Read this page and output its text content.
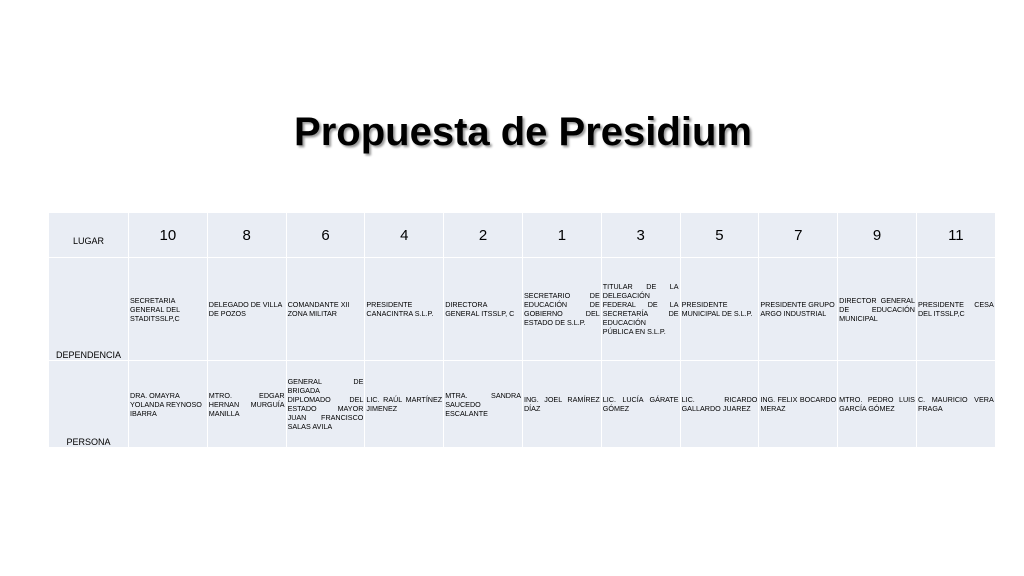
Propuesta de Presidium
LUGAR	10	8	6	4	2	1	3	5	7	9	11
DEPENDENCIA	SECRETARIA GENERAL DEL STADITSSLP,C	DELEGADO DE VILLA DE POZOS	COMANDANTE XII ZONA MILITAR	PRESIDENTE CANACINTRA S.L.P.	DIRECTORA GENERAL ITSSLP, C	SECRETARIO DE EDUCACIÓN DE GOBIERNO DEL ESTADO DE S.L.P.	TITULAR DE LA DELEGACIÓN FEDERAL DE LA SECRETARÍA DE EDUCACIÓN PÚBLICA EN S.L.P.	PRESIDENTE MUNICIPAL DE S.L.P.	PRESIDENTE GRUPO ARGO INDUSTRIAL	DIRECTOR GENERAL DE EDUCACIÓN MUNICIPAL	PRESIDENTE CESA DEL ITSSLP,C
PERSONA	DRA. OMAYRA YOLANDA REYNOSO IBARRA	MTRO. EDGAR HERNAN MURGUÍA MANILLA	GENERAL DE BRIGADA DIPLOMADO DEL ESTADO MAYOR JUAN FRANCISCO SALAS AVILA	LIC. RAÚL MARTÍNEZ JIMENEZ	MTRA. SANDRA SAUCEDO ESCALANTE	ING. JOEL RAMÍREZ DÍAZ	LIC. LUCÍA GÁRATE GÓMEZ	LIC. RICARDO GALLARDO JUAREZ	ING. FELIX BOCARDO MERAZ	MTRO. PEDRO LUIS GARCÍA GÓMEZ	C. MAURICIO VERA FRAGA
